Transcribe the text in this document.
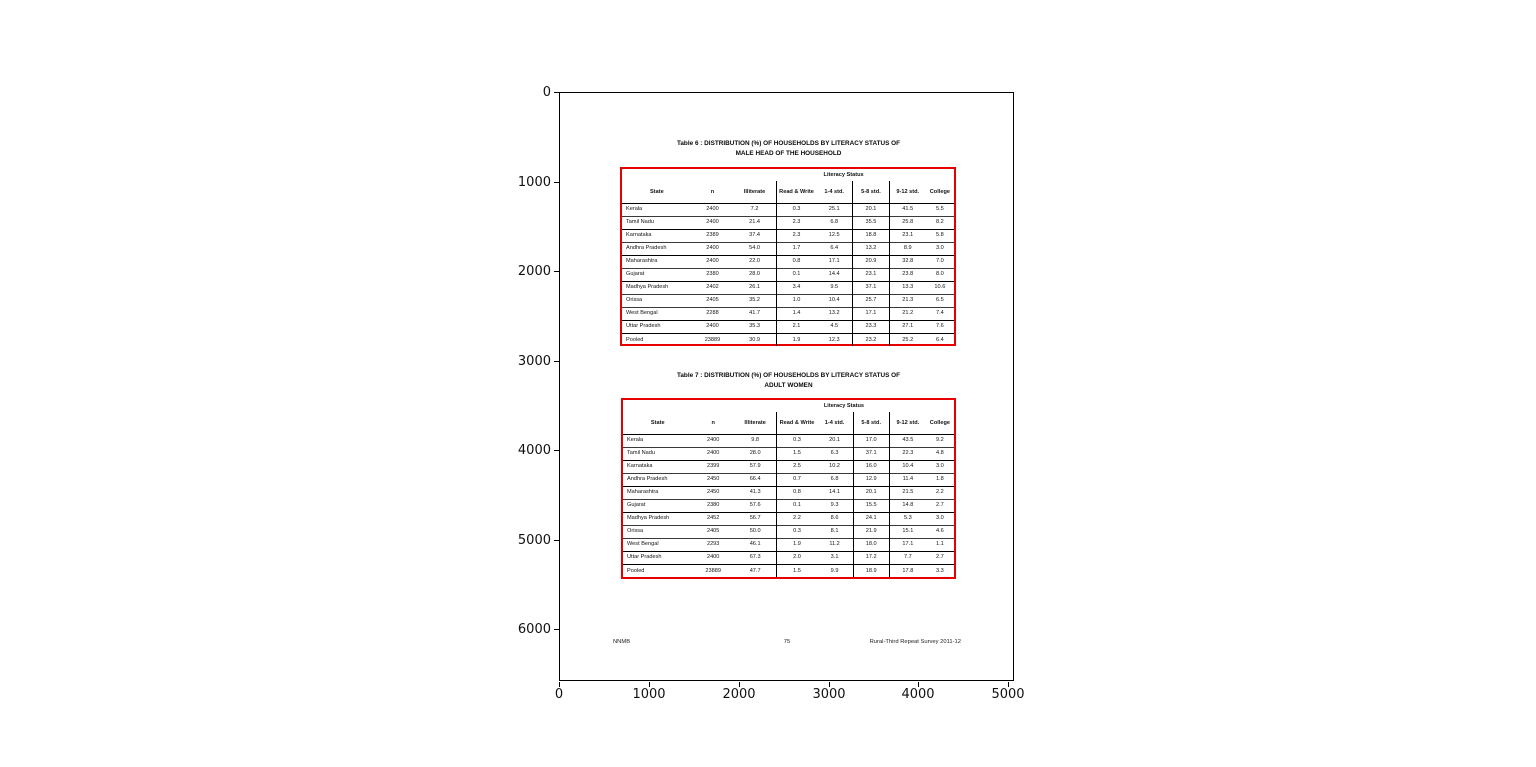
0
1000
2000
3000
4000
5000
6000
0	1000	2000	3000	4000	5000
Table 6 : DISTRIBUTION (%) OF HOUSEHOLDS BY LITERACY STATUS OF
MALE HEAD OF THE HOUSEHOLD
		Literacy Status					
State	n	Illiterate	Read & Write	1-4 std.	5-8 std.	9-12 std.	College
Kerala	2400	7.2	0.3	25.1	20.1	41.5	5.5
Tamil Nadu	2400	21.4	2.3	6.8	35.5	25.8	8.2
Karnataka	2389	37.4	2.3	12.5	18.8	23.1	5.8
Andhra Pradesh	2400	54.0	1.7	6.4	13.2	8.9	3.0
Maharashtra	2400	22.0	0.8	17.1	20.9	32.8	7.0
Gujarat	2380	28.0	0.1	14.4	23.1	23.8	8.0
Madhya Pradesh	2402	26.1	3.4	9.5	37.1	13.3	10.6
Orissa	2405	35.2	1.0	10.4	25.7	21.3	6.5
West Bengal	2288	41.7	1.4	13.2	17.1	21.2	7.4
Uttar Pradesh	2400	35.3	2.1	4.5	23.3	27.1	7.6
Pooled	23889	30.9	1.9	12.3	23.2	25.2	6.4
Table 7 : DISTRIBUTION (%) OF HOUSEHOLDS BY LITERACY STATUS OF
ADULT WOMEN
		Literacy Status					
State	n	Illiterate	Read & Write	1-4 std.	5-8 std.	9-12 std.	College
Kerala	2400	9.8	0.3	20.1	17.0	43.5	9.2
Tamil Nadu	2400	28.0	1.5	6.3	37.1	22.3	4.8
Karnataka	2399	57.9	2.5	10.2	16.0	10.4	3.0
Andhra Pradesh	2450	66.4	0.7	6.8	12.9	11.4	1.8
Maharashtra	2450	41.3	0.8	14.1	20.1	21.5	2.2
Gujarat	2380	57.6	0.1	9.3	15.5	14.8	2.7
Madhya Pradesh	2452	56.7	2.2	8.6	24.1	5.3	3.0
Orissa	2405	50.0	0.3	8.1	21.9	15.1	4.6
West Bengal	2293	46.1	1.9	11.2	18.0	17.1	1.1
Uttar Pradesh	2400	67.3	2.0	3.1	17.2	7.7	2.7
Pooled	23889	47.7	1.5	9.9	18.9	17.8	3.3
NNMB	75	Rural-Third Repeat Survey 2011-12
